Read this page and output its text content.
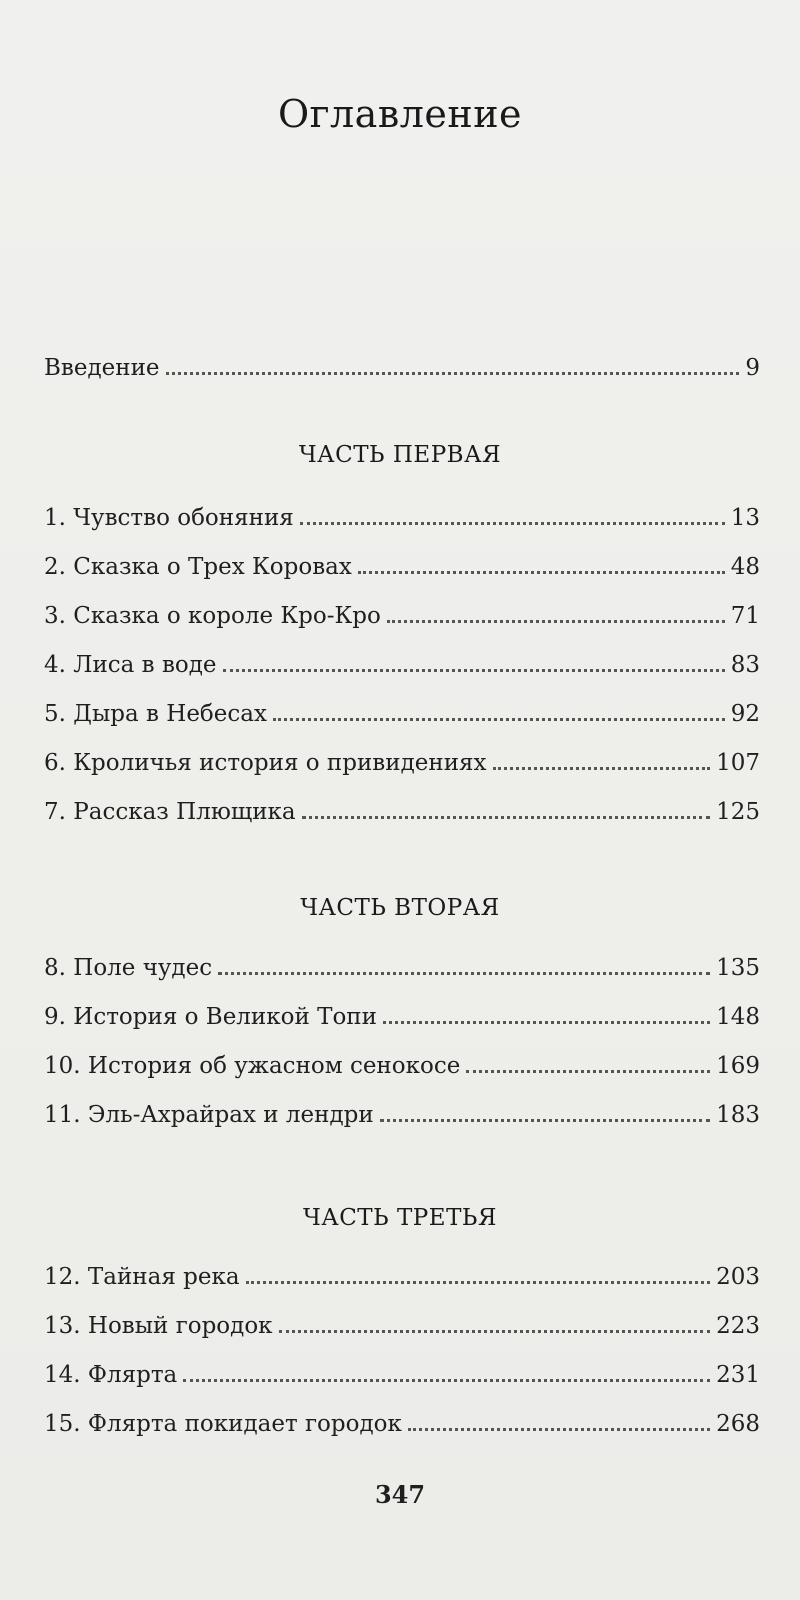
Оглавление
Введение	9
ЧАСТЬ ПЕРВАЯ
1. Чувство обоняния	13
2. Сказка о Трех Коровах	48
3. Сказка о короле Кро-Кро	71
4. Лиса в воде	83
5. Дыра в Небесах	92
6. Кроличья история о привидениях	107
7. Рассказ Плющика	125
ЧАСТЬ ВТОРАЯ
8. Поле чудес	135
9. История о Великой Топи	148
10. История об ужасном сенокосе	169
11. Эль-Ахрайрах и лендри	183
ЧАСТЬ ТРЕТЬЯ
12. Тайная река	203
13. Новый городок	223
14. Флярта	231
15. Флярта покидает городок	268
347
